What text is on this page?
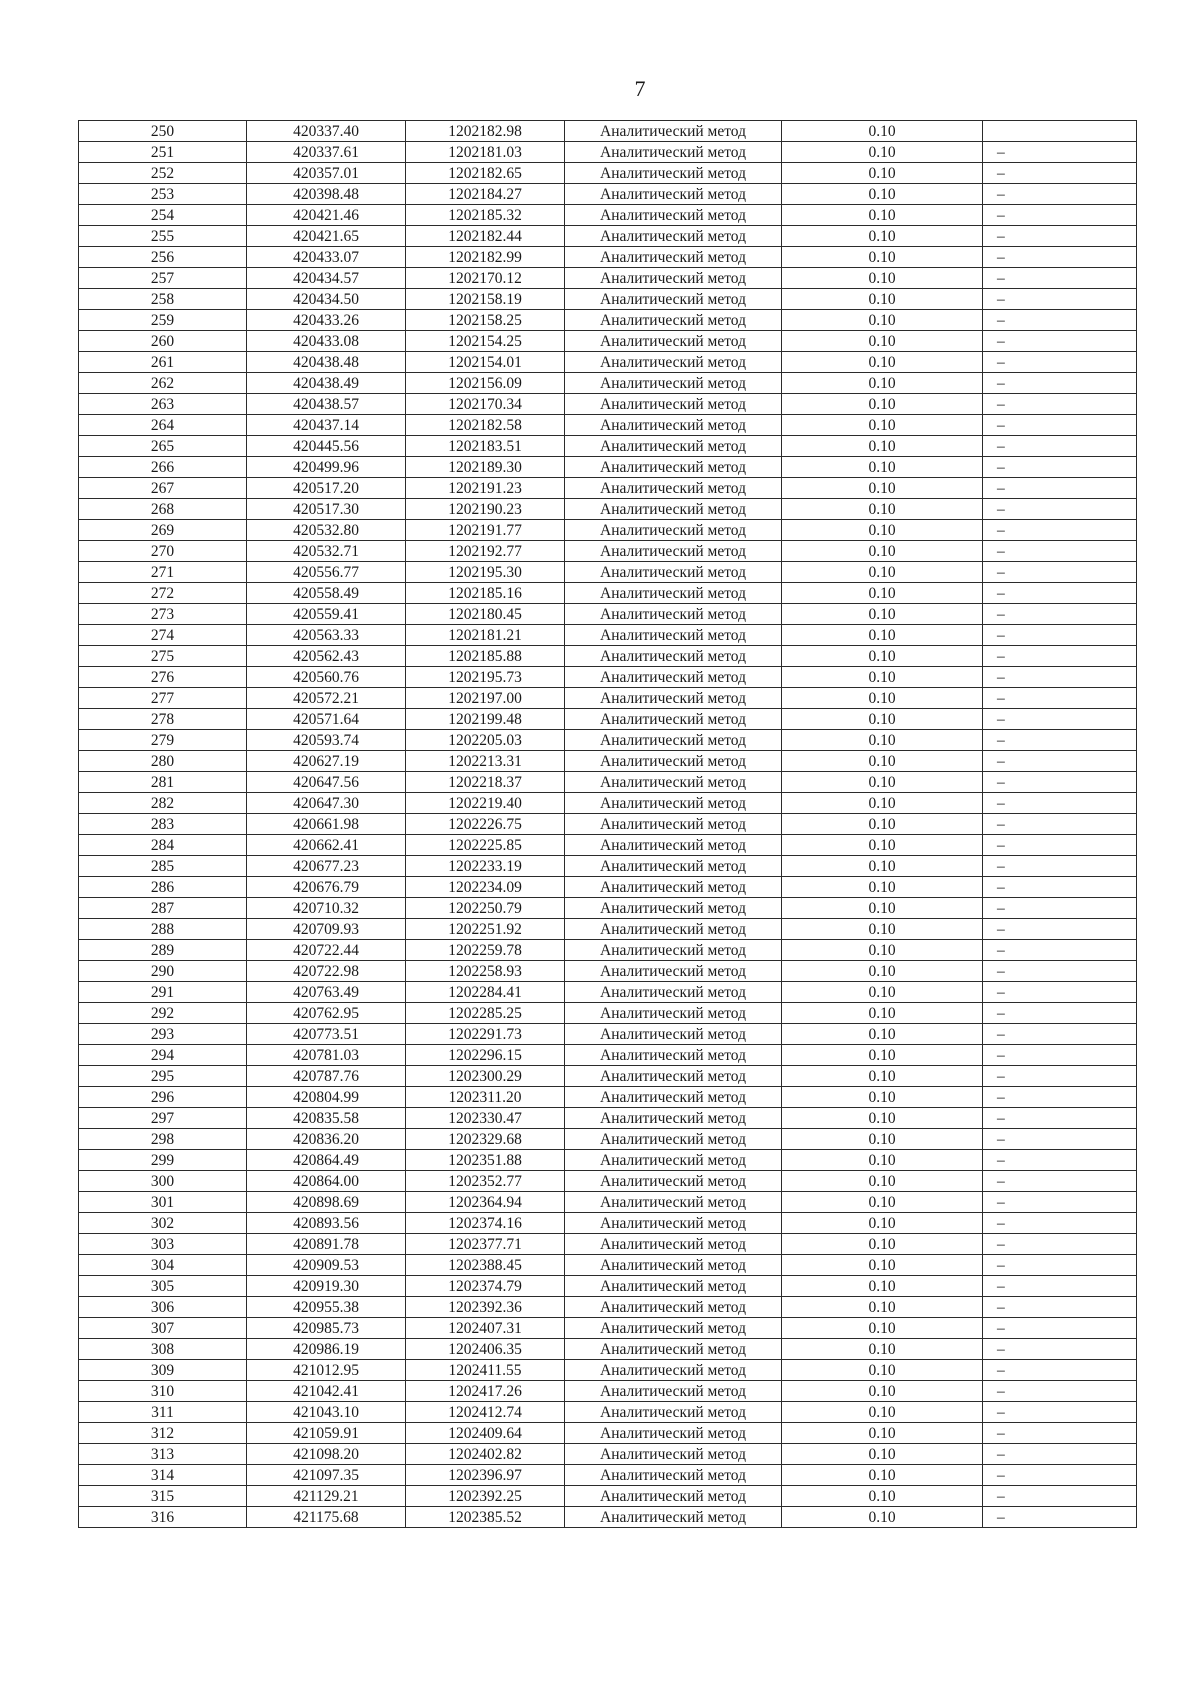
7
250	420337.40	1202182.98	Аналитический метод	0.10	
251	420337.61	1202181.03	Аналитический метод	0.10	–
252	420357.01	1202182.65	Аналитический метод	0.10	–
253	420398.48	1202184.27	Аналитический метод	0.10	–
254	420421.46	1202185.32	Аналитический метод	0.10	–
255	420421.65	1202182.44	Аналитический метод	0.10	–
256	420433.07	1202182.99	Аналитический метод	0.10	–
257	420434.57	1202170.12	Аналитический метод	0.10	–
258	420434.50	1202158.19	Аналитический метод	0.10	–
259	420433.26	1202158.25	Аналитический метод	0.10	–
260	420433.08	1202154.25	Аналитический метод	0.10	–
261	420438.48	1202154.01	Аналитический метод	0.10	–
262	420438.49	1202156.09	Аналитический метод	0.10	–
263	420438.57	1202170.34	Аналитический метод	0.10	–
264	420437.14	1202182.58	Аналитический метод	0.10	–
265	420445.56	1202183.51	Аналитический метод	0.10	–
266	420499.96	1202189.30	Аналитический метод	0.10	–
267	420517.20	1202191.23	Аналитический метод	0.10	–
268	420517.30	1202190.23	Аналитический метод	0.10	–
269	420532.80	1202191.77	Аналитический метод	0.10	–
270	420532.71	1202192.77	Аналитический метод	0.10	–
271	420556.77	1202195.30	Аналитический метод	0.10	–
272	420558.49	1202185.16	Аналитический метод	0.10	–
273	420559.41	1202180.45	Аналитический метод	0.10	–
274	420563.33	1202181.21	Аналитический метод	0.10	–
275	420562.43	1202185.88	Аналитический метод	0.10	–
276	420560.76	1202195.73	Аналитический метод	0.10	–
277	420572.21	1202197.00	Аналитический метод	0.10	–
278	420571.64	1202199.48	Аналитический метод	0.10	–
279	420593.74	1202205.03	Аналитический метод	0.10	–
280	420627.19	1202213.31	Аналитический метод	0.10	–
281	420647.56	1202218.37	Аналитический метод	0.10	–
282	420647.30	1202219.40	Аналитический метод	0.10	–
283	420661.98	1202226.75	Аналитический метод	0.10	–
284	420662.41	1202225.85	Аналитический метод	0.10	–
285	420677.23	1202233.19	Аналитический метод	0.10	–
286	420676.79	1202234.09	Аналитический метод	0.10	–
287	420710.32	1202250.79	Аналитический метод	0.10	–
288	420709.93	1202251.92	Аналитический метод	0.10	–
289	420722.44	1202259.78	Аналитический метод	0.10	–
290	420722.98	1202258.93	Аналитический метод	0.10	–
291	420763.49	1202284.41	Аналитический метод	0.10	–
292	420762.95	1202285.25	Аналитический метод	0.10	–
293	420773.51	1202291.73	Аналитический метод	0.10	–
294	420781.03	1202296.15	Аналитический метод	0.10	–
295	420787.76	1202300.29	Аналитический метод	0.10	–
296	420804.99	1202311.20	Аналитический метод	0.10	–
297	420835.58	1202330.47	Аналитический метод	0.10	–
298	420836.20	1202329.68	Аналитический метод	0.10	–
299	420864.49	1202351.88	Аналитический метод	0.10	–
300	420864.00	1202352.77	Аналитический метод	0.10	–
301	420898.69	1202364.94	Аналитический метод	0.10	–
302	420893.56	1202374.16	Аналитический метод	0.10	–
303	420891.78	1202377.71	Аналитический метод	0.10	–
304	420909.53	1202388.45	Аналитический метод	0.10	–
305	420919.30	1202374.79	Аналитический метод	0.10	–
306	420955.38	1202392.36	Аналитический метод	0.10	–
307	420985.73	1202407.31	Аналитический метод	0.10	–
308	420986.19	1202406.35	Аналитический метод	0.10	–
309	421012.95	1202411.55	Аналитический метод	0.10	–
310	421042.41	1202417.26	Аналитический метод	0.10	–
311	421043.10	1202412.74	Аналитический метод	0.10	–
312	421059.91	1202409.64	Аналитический метод	0.10	–
313	421098.20	1202402.82	Аналитический метод	0.10	–
314	421097.35	1202396.97	Аналитический метод	0.10	–
315	421129.21	1202392.25	Аналитический метод	0.10	–
316	421175.68	1202385.52	Аналитический метод	0.10	–
